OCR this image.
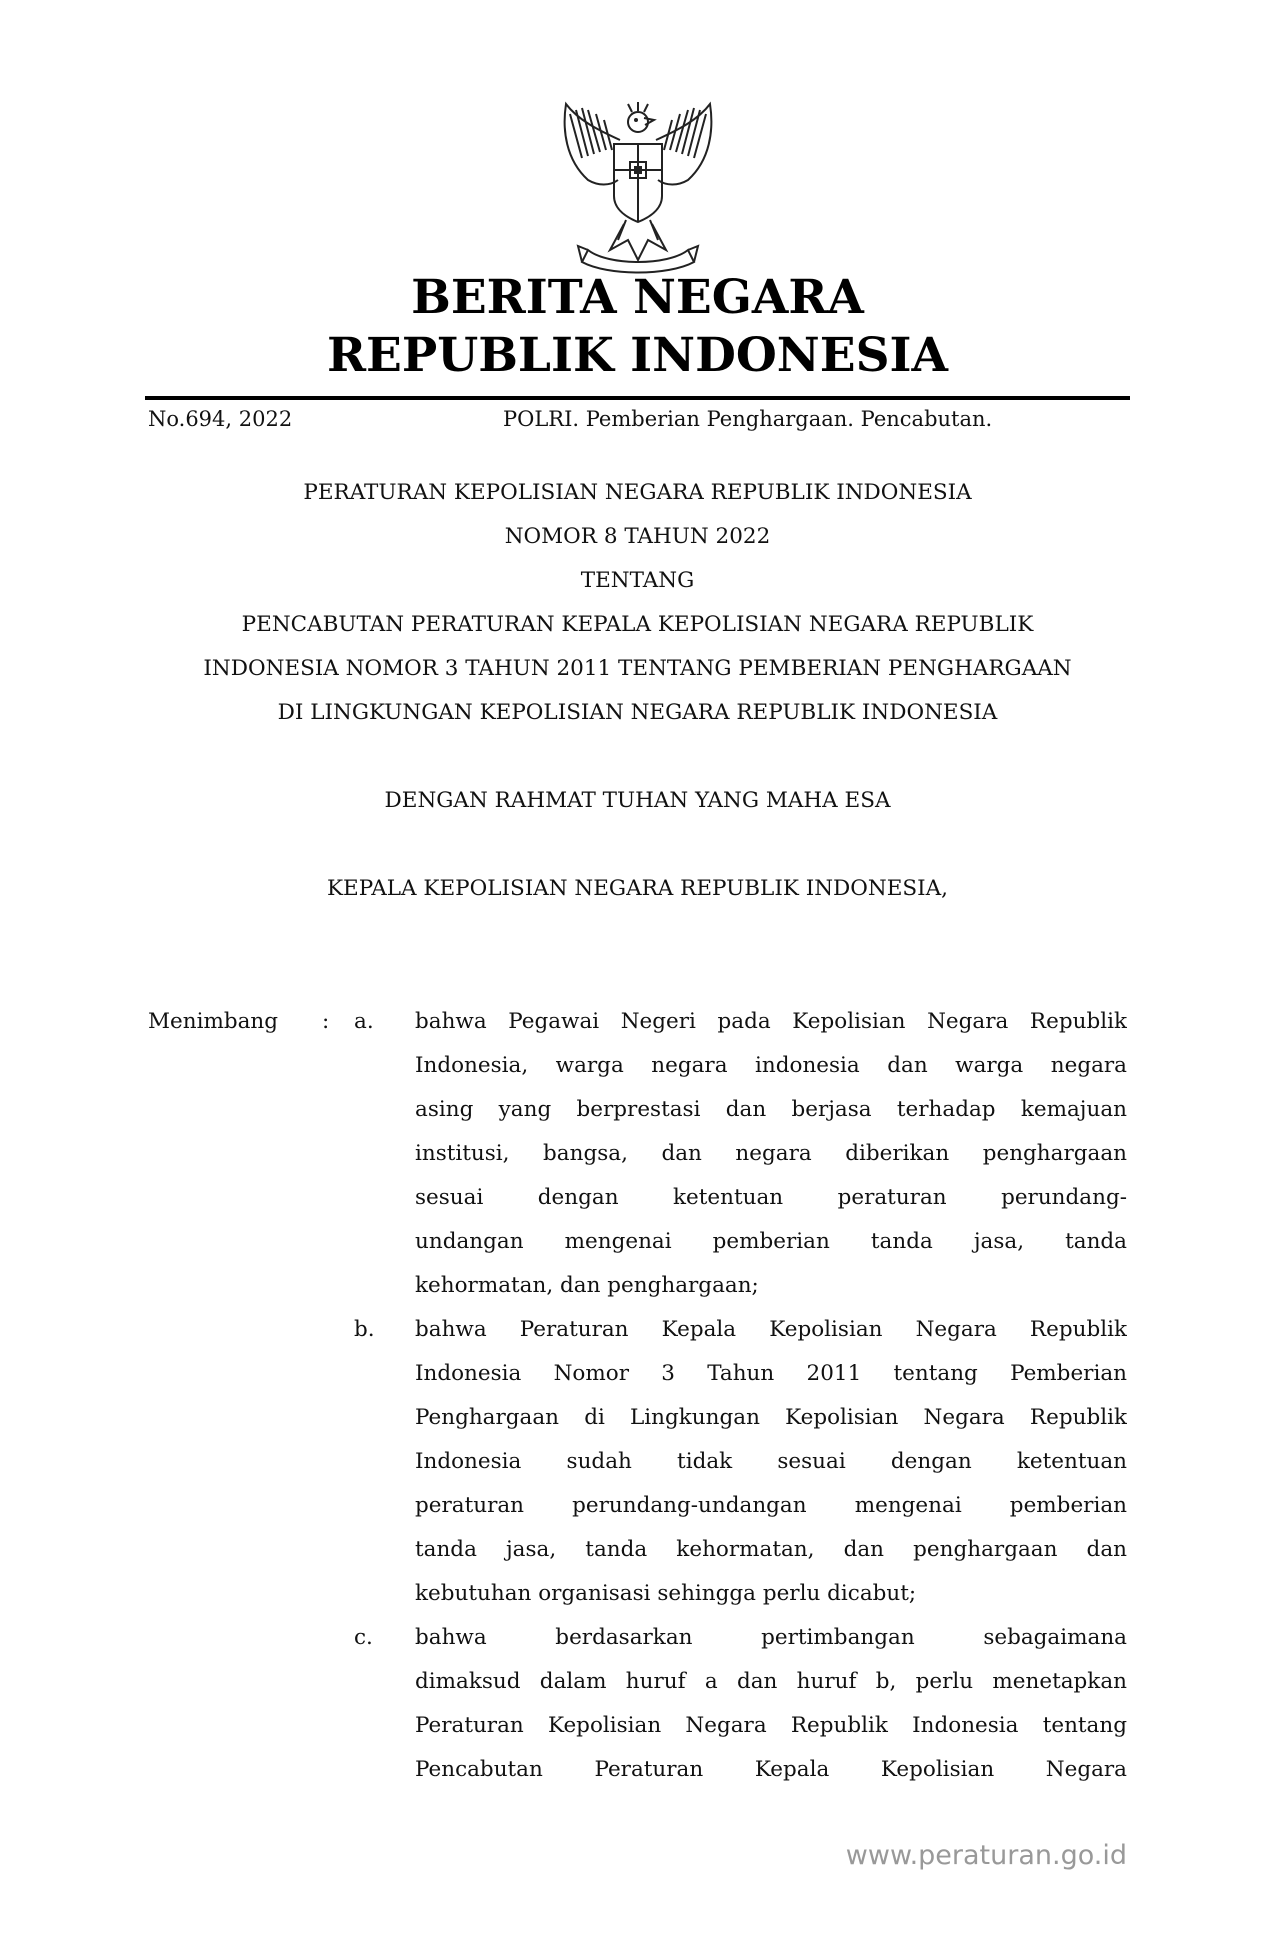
BERITA NEGARA
REPUBLIK INDONESIA
No.694, 2022	POLRI. Pemberian Penghargaan. Pencabutan.
PERATURAN KEPOLISIAN NEGARA REPUBLIK INDONESIA
NOMOR 8 TAHUN 2022
TENTANG
PENCABUTAN PERATURAN KEPALA KEPOLISIAN NEGARA REPUBLIK
INDONESIA NOMOR 3 TAHUN 2011 TENTANG PEMBERIAN PENGHARGAAN
DI LINGKUNGAN KEPOLISIAN NEGARA REPUBLIK INDONESIA
DENGAN RAHMAT TUHAN YANG MAHA ESA
KEPALA KEPOLISIAN NEGARA REPUBLIK INDONESIA,
Menimbang : a. bahwa Pegawai Negeri pada Kepolisian Negara Republik
Indonesia, warga negara indonesia dan warga negara
asing yang berprestasi dan berjasa terhadap kemajuan
institusi, bangsa, dan negara diberikan penghargaan
sesuai dengan ketentuan peraturan perundang-
undangan mengenai pemberian tanda jasa, tanda
kehormatan, dan penghargaan;
b. bahwa Peraturan Kepala Kepolisian Negara Republik
Indonesia Nomor 3 Tahun 2011 tentang Pemberian
Penghargaan di Lingkungan Kepolisian Negara Republik
Indonesia sudah tidak sesuai dengan ketentuan
peraturan perundang-undangan mengenai pemberian
tanda jasa, tanda kehormatan, dan penghargaan dan
kebutuhan organisasi sehingga perlu dicabut;
c. bahwa berdasarkan pertimbangan sebagaimana
dimaksud dalam huruf a dan huruf b, perlu menetapkan
Peraturan Kepolisian Negara Republik Indonesia tentang
Pencabutan Peraturan Kepala Kepolisian Negara
www.peraturan.go.id
